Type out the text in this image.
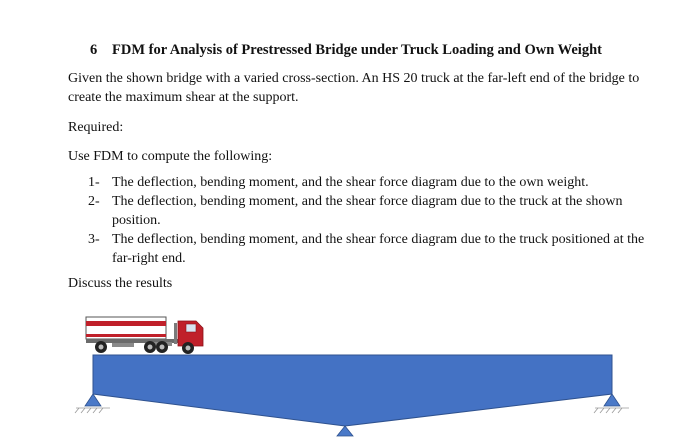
6 FDM for Analysis of Prestressed Bridge under Truck Loading and Own Weight
Given the shown bridge with a varied cross-section. An HS 20 truck at the far-left end of the bridge to create the maximum shear at the support.
Required:
Use FDM to compute the following:
1- The deflection, bending moment, and the shear force diagram due to the own weight.
2- The deflection, bending moment, and the shear force diagram due to the truck at the shown position.
3- The deflection, bending moment, and the shear force diagram due to the truck positioned at the far-right end.
Discuss the results
